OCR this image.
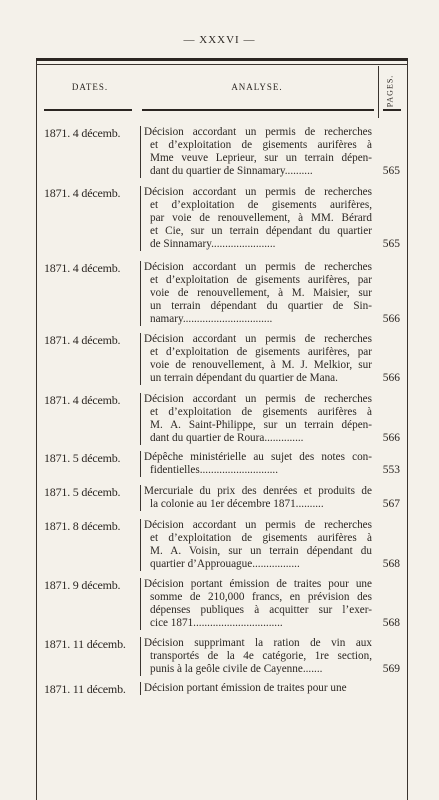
— XXXVI —
DATES.	ANALYSE.	PAGES.
1871. 4 décemb.	Décision accordant un permis de recherches
et d’exploitation de gisements aurifères à
Mme veuve Leprieur, sur un terrain dépen-
dant du quartier de Sinnamary..........	565
1871. 4 décemb.	Décision accordant un permis de recherches
et d’exploitation de gisements aurifères,
par voie de renouvellement, à MM. Bérard
et Cie, sur un terrain dépendant du quartier
de Sinnamary.......................	565
1871. 4 décemb.	Décision accordant un permis de recherches
et d’exploitation de gisements aurifères, par
voie de renouvellement, à M. Maisier, sur
un terrain dépendant du quartier de Sin-
namary................................	566
1871. 4 décemb.	Décision accordant un permis de recherches
et d’exploitation de gisements aurifères, par
voie de renouvellement, à M. J. Melkior, sur
un terrain dépendant du quartier de Mana.	566
1871. 4 décemb.	Décision accordant un permis de recherches
et d’exploitation de gisements aurifères à
M. A. Saint-Philippe, sur un terrain dépen-
dant du quartier de Roura..............	566
1871. 5 décemb.	Dépêche ministérielle au sujet des notes con-
fidentielles............................	553
1871. 5 décemb.	Mercuriale du prix des denrées et produits de
la colonie au 1er décembre 1871..........	567
1871. 8 décemb.	Décision accordant un permis de recherches
et d’exploitation de gisements aurifères à
M. A. Voisin, sur un terrain dépendant du
quartier d’Approuague.................	568
1871. 9 décemb.	Décision portant émission de traites pour une
somme de 210,000 francs, en prévision des
dépenses publiques à acquitter sur l’exer-
cice 1871................................	568
1871. 11 décemb.	Décision supprimant la ration de vin aux
transportés de la 4e catégorie, 1re section,
punis à la geôle civile de Cayenne.......	569
1871. 11 décemb.	Décision portant émission de traites pour une
